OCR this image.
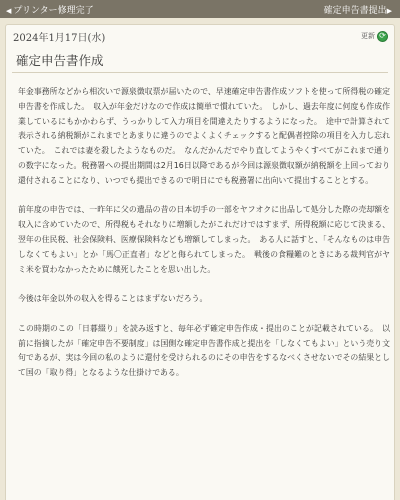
◀ プリンター修理完了	確定申告書提出▶
2024年1月17日(水)	更新 ⟳
確定申告書作成

年金事務所などから相次いで源泉徴収票が届いたので、早速確定申告書作成ソフトを使って所得税の確定申告書を作成した。　収入が年金だけなので作成は簡単で慣れていた。　しかし、過去年度に何度も作成作業しているにもかかわらず、うっかりして入力項目を間違えたりするようになった。　途中で計算されて表示される納税額がこれまでとあまりに違うのでよくよくチェックすると配偶者控除の項目を入力し忘れていた。　これでは妻を殺したようなものだ。　なんだかんだでやり直してようやくすべてがこれまで通りの数字になった。税務署への提出期間は2月16日以降であるが今回は源泉徴収額が納税額を上回っており還付されることになり、いつでも提出できるので明日にでも税務署に出向いて提出することとする。

前年度の申告では、一昨年に父の遺品の昔の日本切手の一部をヤフオクに出品して処分した際の売却額を収入に含めていたので、所得税もそれなりに増額したがこれだけではすまず、所得税額に応じて決まる、翌年の住民税、社会保険料、医療保険料なども増額してしまった。　ある人に話すと、「そんなものは申告しなくてもよい」とか「馬〇正直者」などと侮られてしまった。　戦後の食糧難のときにある裁判官がヤミ米を買わなかったために餓死したことを思い出した。

今後は年金以外の収入を得ることはまずないだろう。

この時期のこの「日暮綴り」を読み返すと、毎年必ず確定申告作成・提出のことが記載されている。　以前に指摘したが「確定申告不要制度」は国側な確定申告書作成と提出を「しなくてもよい」という売り文句であるが、実は今回の私のように還付を受けられるのにその申告をするなべくさせないでその結果として国の「取り得」となるような仕掛けである。
